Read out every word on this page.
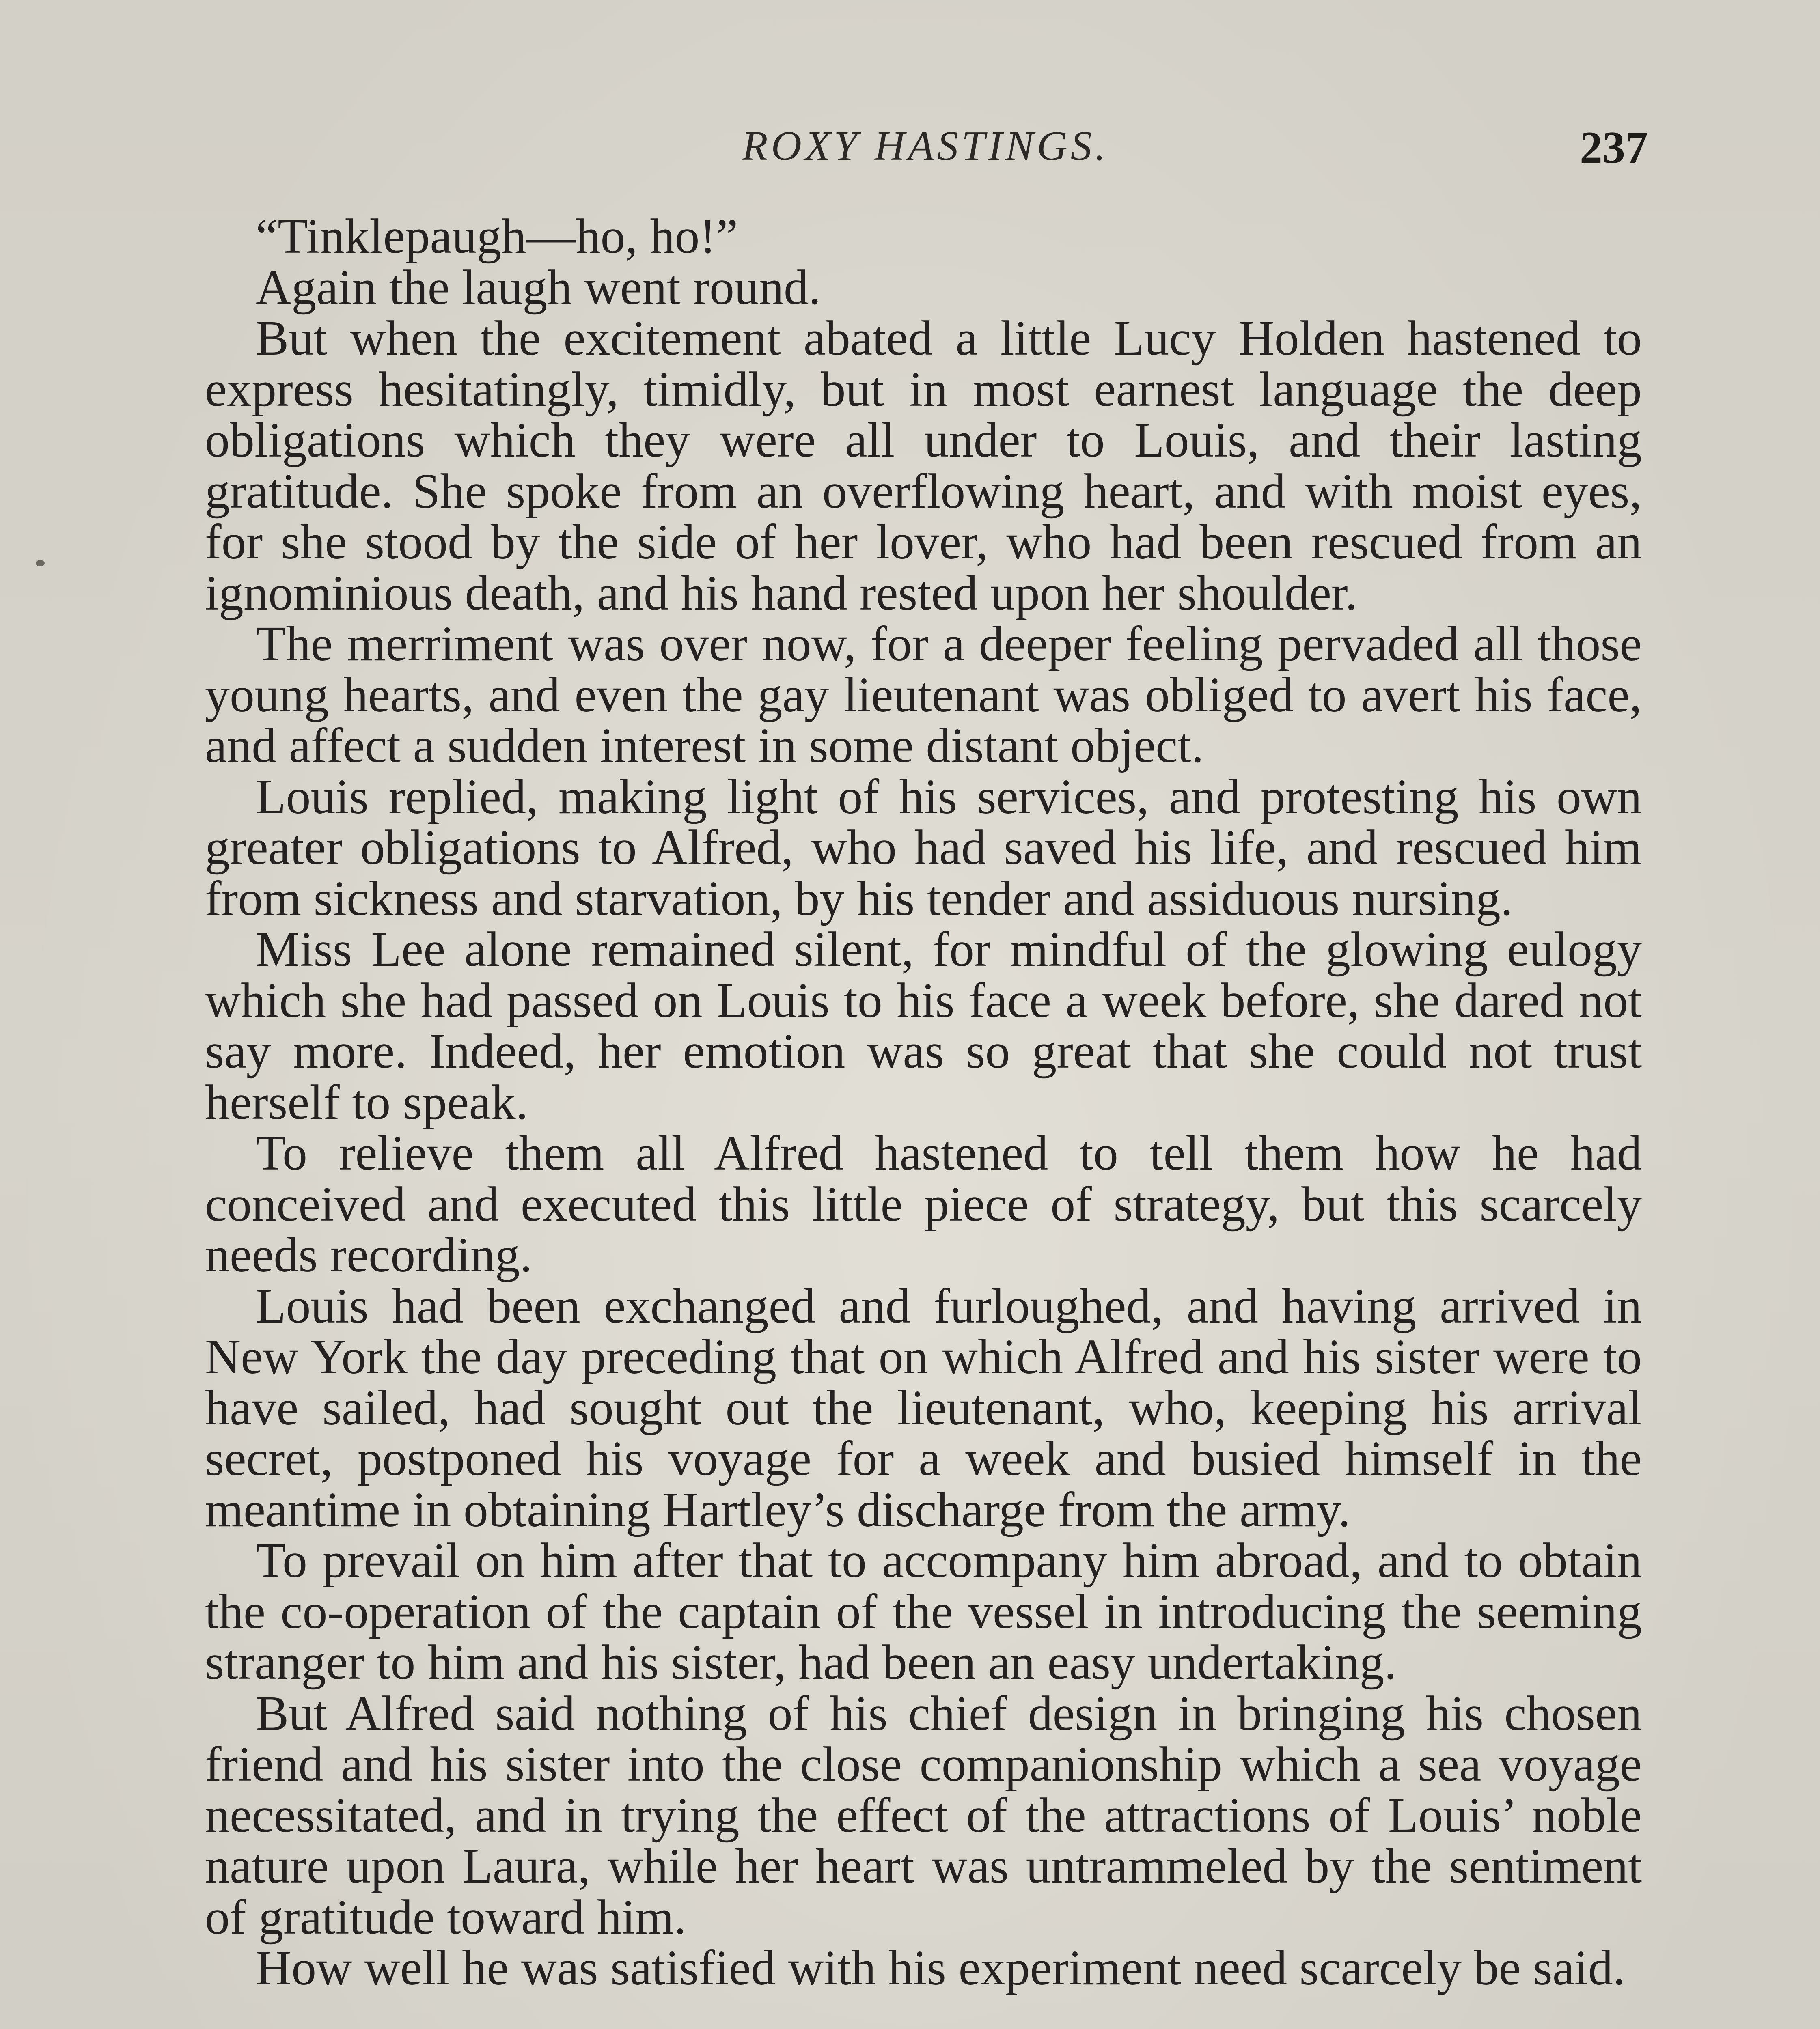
ROXY HASTINGS.	237

“Tinklepaugh—ho, ho!”

Again the laugh went round.

But when the excitement abated a little Lucy Holden hastened to express hesitatingly, timidly, but in most earnest language the deep obligations which they were all under to Louis, and their lasting gratitude. She spoke from an overflowing heart, and with moist eyes, for she stood by the side of her lover, who had been rescued from an ignominious death, and his hand rested upon her shoulder.

The merriment was over now, for a deeper feeling pervaded all those young hearts, and even the gay lieutenant was obliged to avert his face, and affect a sudden interest in some distant object.

Louis replied, making light of his services, and protesting his own greater obligations to Alfred, who had saved his life, and rescued him from sickness and starvation, by his tender and assiduous nursing.

Miss Lee alone remained silent, for mindful of the glowing eulogy which she had passed on Louis to his face a week before, she dared not say more. Indeed, her emotion was so great that she could not trust herself to speak.

To relieve them all Alfred hastened to tell them how he had conceived and executed this little piece of strategy, but this scarcely needs recording.

Louis had been exchanged and furloughed, and having arrived in New York the day preceding that on which Alfred and his sister were to have sailed, had sought out the lieutenant, who, keeping his arrival secret, postponed his voyage for a week and busied himself in the meantime in obtaining Hartley’s discharge from the army.

To prevail on him after that to accompany him abroad, and to obtain the co-operation of the captain of the vessel in introducing the seeming stranger to him and his sister, had been an easy undertaking.

But Alfred said nothing of his chief design in bringing his chosen friend and his sister into the close companionship which a sea voyage necessitated, and in trying the effect of the attractions of Louis’ noble nature upon Laura, while her heart was untrammeled by the sentiment of gratitude toward him.

How well he was satisfied with his experiment need scarcely be said.
